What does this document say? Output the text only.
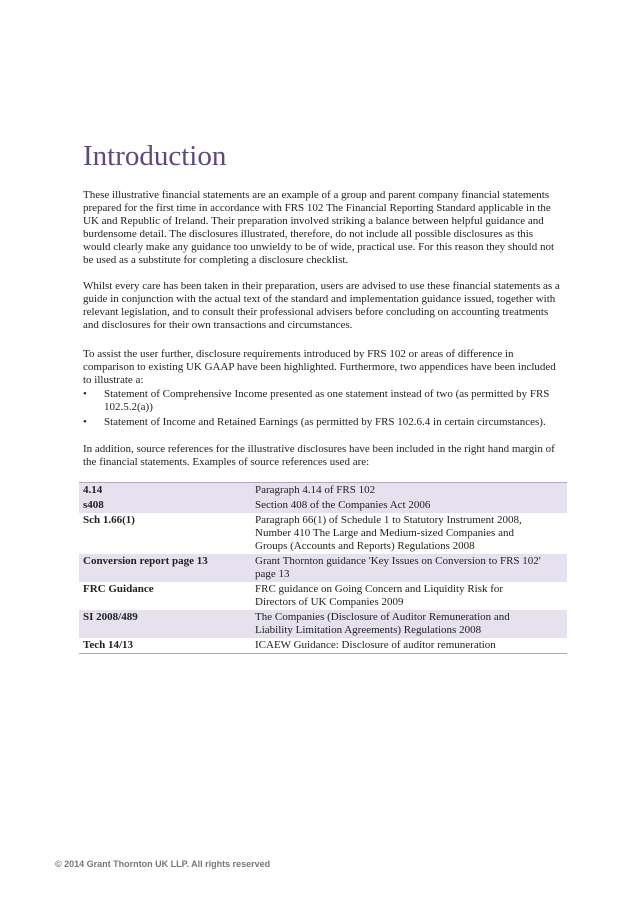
Introduction

These illustrative financial statements are an example of a group and parent company financial statements prepared for the first time in accordance with FRS 102 The Financial Reporting Standard applicable in the UK and Republic of Ireland. Their preparation involved striking a balance between helpful guidance and burdensome detail. The disclosures illustrated, therefore, do not include all possible disclosures as this would clearly make any guidance too unwieldy to be of wide, practical use. For this reason they should not be used as a substitute for completing a disclosure checklist.

Whilst every care has been taken in their preparation, users are advised to use these financial statements as a guide in conjunction with the actual text of the standard and implementation guidance issued, together with relevant legislation, and to consult their professional advisers before concluding on accounting treatments and disclosures for their own transactions and circumstances.

To assist the user further, disclosure requirements introduced by FRS 102 or areas of difference in comparison to existing UK GAAP have been highlighted. Furthermore, two appendices have been included to illustrate a:

• Statement of Comprehensive Income presented as one statement instead of two (as permitted by FRS 102.5.2(a))
• Statement of Income and Retained Earnings (as permitted by FRS 102.6.4 in certain circumstances).

In addition, source references for the illustrative disclosures have been included in the right hand margin of the financial statements. Examples of source references used are:

4.14	Paragraph 4.14 of FRS 102
s408	Section 408 of the Companies Act 2006
Sch 1.66(1)	Paragraph 66(1) of Schedule 1 to Statutory Instrument 2008, Number 410 The Large and Medium-sized Companies and Groups (Accounts and Reports) Regulations 2008
Conversion report page 13	Grant Thornton guidance 'Key Issues on Conversion to FRS 102' page 13
FRC Guidance	FRC guidance on Going Concern and Liquidity Risk for Directors of UK Companies 2009
SI 2008/489	The Companies (Disclosure of Auditor Remuneration and Liability Limitation Agreements) Regulations 2008
Tech 14/13	ICAEW Guidance: Disclosure of auditor remuneration

© 2014 Grant Thornton UK LLP. All rights reserved
